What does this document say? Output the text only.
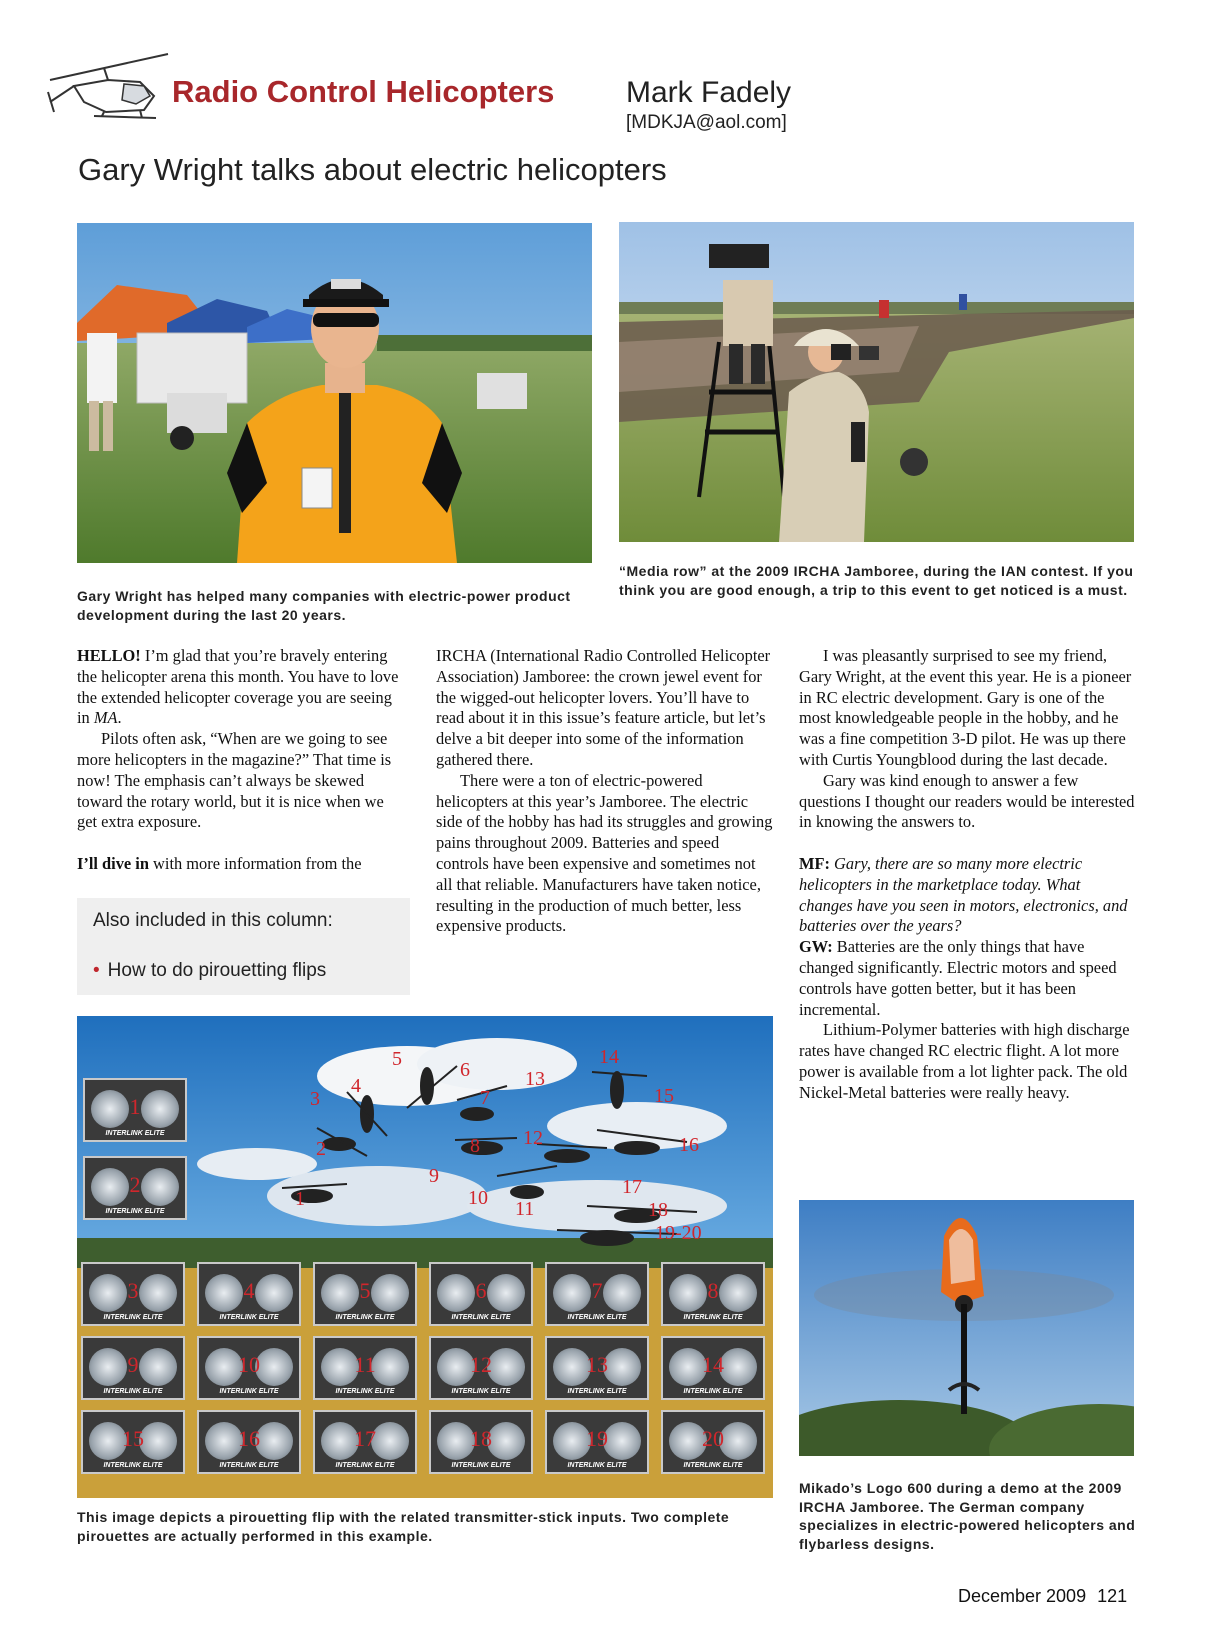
Radio Control Helicopters Mark Fadely
[MDKJA@aol.com]
Gary Wright talks about electric helicopters
Gary Wright has helped many companies with electric-power product development during the last 20 years.
“Media row” at the 2009 IRCHA Jamboree, during the IAN contest. If you think you are good enough, a trip to this event to get noticed is a must.

HELLO! I’m glad that you’re bravely entering the helicopter arena this month. You have to love the extended helicopter coverage you are seeing in MA.

Pilots often ask, “When are we going to see more helicopters in the magazine?” That time is now! The emphasis can’t always be skewed toward the rotary world, but it is nice when we get extra exposure.

I’ll dive in with more information from the

Also included in this column:
• How to do pirouetting flips

IRCHA (International Radio Controlled Helicopter Association) Jamboree: the crown jewel event for the wigged-out helicopter lovers. You’ll have to read about it in this issue’s feature article, but let’s delve a bit deeper into some of the information gathered there.

There were a ton of electric-powered helicopters at this year’s Jamboree. The electric side of the hobby has had its struggles and growing pains throughout 2009. Batteries and speed controls have been expensive and sometimes not all that reliable. Manufacturers have taken notice, resulting in the production of much better, less expensive products.

I was pleasantly surprised to see my friend, Gary Wright, at the event this year. He is a pioneer in RC electric development. Gary is one of the most knowledgeable people in the hobby, and he was a fine competition 3-D pilot. He was up there with Curtis Youngblood during the last decade.

Gary was kind enough to answer a few questions I thought our readers would be interested in knowing the answers to.

MF: Gary, there are so many more electric helicopters in the marketplace today. What changes have you seen in motors, electronics, and batteries over the years?

GW: Batteries are the only things that have changed significantly. Electric motors and speed controls have gotten better, but it has been incremental.

Lithium-Polymer batteries with high discharge rates have changed RC electric flight. A lot more power is available from a lot lighter pack. The old Nickel-Metal batteries were really heavy.

1
2
3
4
5	6
7
8
9
10 11
12
13
14
15
16
17
18
19-20
1
INTERLINK ELITE
2
INTERLINK ELITE
3
INTERLINK ELITE
4
INTERLINK ELITE
5
INTERLINK ELITE
6
INTERLINK ELITE
7
INTERLINK ELITE
8
INTERLINK ELITE
9
INTERLINK ELITE
10
INTERLINK ELITE
11
INTERLINK ELITE
12
INTERLINK ELITE
13
INTERLINK ELITE
14
INTERLINK ELITE
15
INTERLINK ELITE
16
INTERLINK ELITE
17
INTERLINK ELITE
18
INTERLINK ELITE
19
INTERLINK ELITE
20
INTERLINK ELITE
This image depicts a pirouetting flip with the related transmitter-stick inputs. Two complete pirouettes are actually performed in this example.
Mikado’s Logo 600 during a demo at the 2009 IRCHA Jamboree. The German company specializes in electric-powered helicopters and flybarless designs.
December 2009 121
